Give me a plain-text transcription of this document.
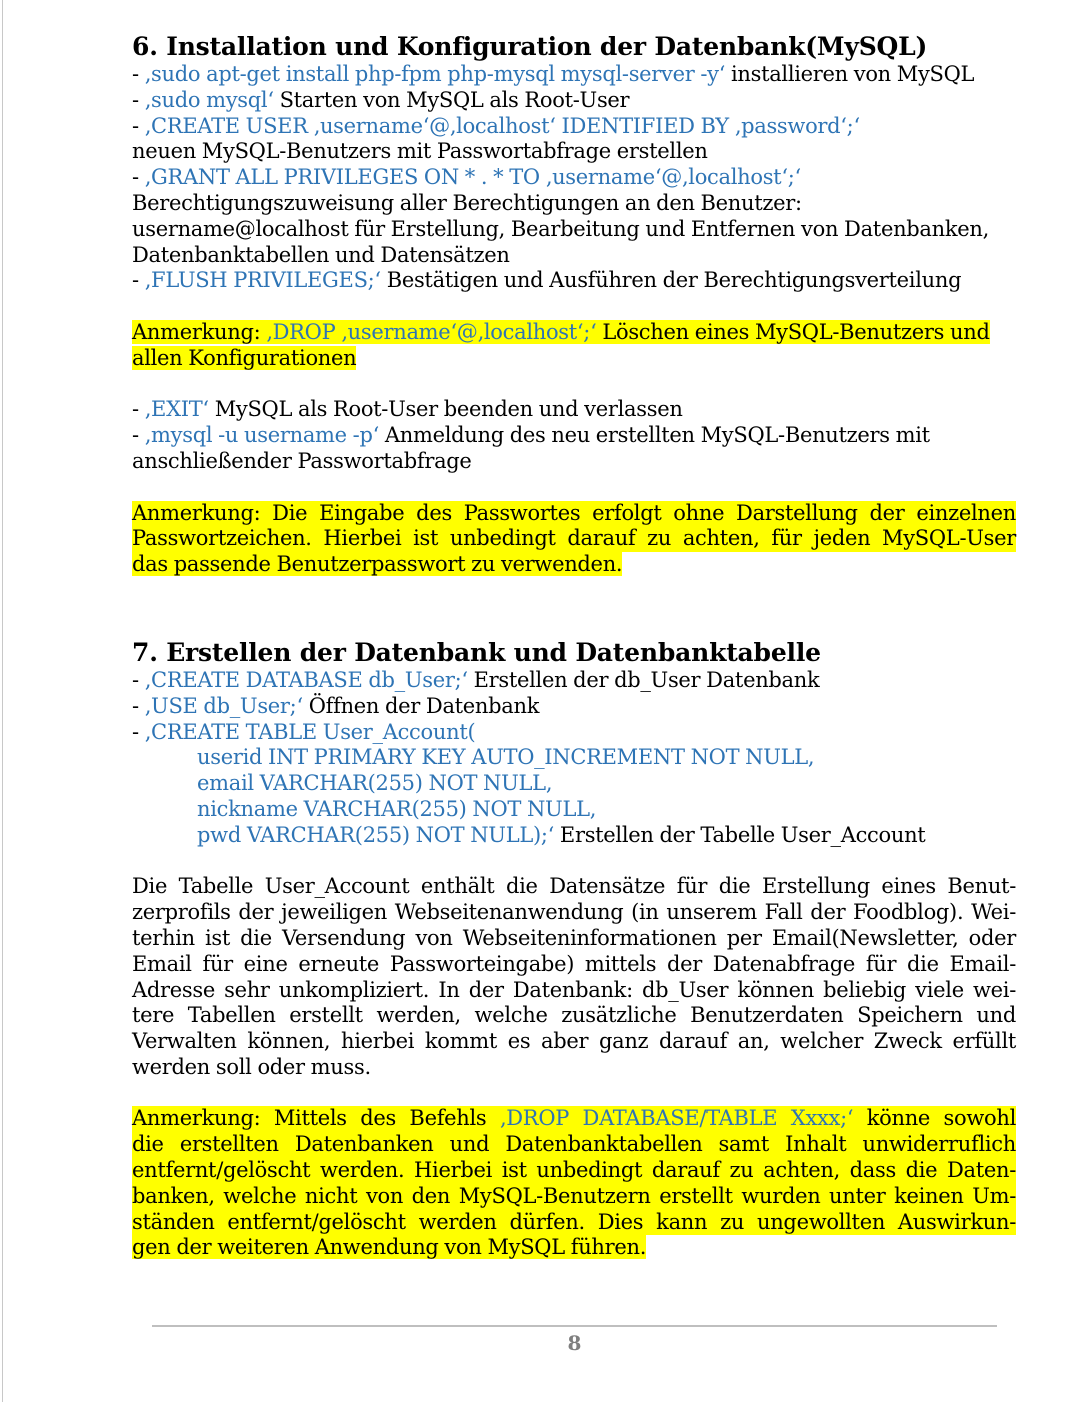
6. Installation und Konfiguration der Datenbank(MySQL)
- ‚sudo apt-get install php-fpm php-mysql mysql-server -y‘ installieren von MySQL
- ‚sudo mysql‘ Starten von MySQL als Root-User
- ‚CREATE USER ‚username‘@‚localhost‘ IDENTIFIED BY ‚password‘;‘
neuen MySQL-Benutzers mit Passwortabfrage erstellen
- ‚GRANT ALL PRIVILEGES ON * . * TO ‚username‘@‚localhost‘;‘
Berechtigungszuweisung aller Berechtigungen an den Benutzer:
username@localhost für Erstellung, Bearbeitung und Entfernen von Datenbanken,
Datenbanktabellen und Datensätzen
- ‚FLUSH PRIVILEGES;‘ Bestätigen und Ausführen der Berechtigungsverteilung
Anmerkung: ‚DROP ‚username‘@‚localhost‘;‘ Löschen eines MySQL-Benutzers und
allen Konfigurationen
- ‚EXIT‘ MySQL als Root-User beenden und verlassen
- ‚mysql -u username -p‘ Anmeldung des neu erstellten MySQL-Benutzers mit
anschließender Passwortabfrage
Anmerkung: Die Eingabe des Passwortes erfolgt ohne Darstellung der einzelnen
Passwortzeichen. Hierbei ist unbedingt darauf zu achten, für jeden MySQL-User
das passende Benutzerpasswort zu verwenden.
7. Erstellen der Datenbank und Datenbanktabelle
- ‚CREATE DATABASE db_User;‘ Erstellen der db_User Datenbank
- ‚USE db_User;‘ Öffnen der Datenbank
- ‚CREATE TABLE User_Account(
userid INT PRIMARY KEY AUTO_INCREMENT NOT NULL,
email VARCHAR(255) NOT NULL,
nickname VARCHAR(255) NOT NULL,
pwd VARCHAR(255) NOT NULL);‘ Erstellen der Tabelle User_Account
Die Tabelle User_Account enthält die Datensätze für die Erstellung eines Benut-
zerprofils der jeweiligen Webseitenanwendung (in unserem Fall der Foodblog). Wei-
terhin ist die Versendung von Webseiteninformationen per Email(Newsletter, oder
Email für eine erneute Passworteingabe) mittels der Datenabfrage für die Email-
Adresse sehr unkompliziert. In der Datenbank: db_User können beliebig viele wei-
tere Tabellen erstellt werden, welche zusätzliche Benutzerdaten Speichern und
Verwalten können, hierbei kommt es aber ganz darauf an, welcher Zweck erfüllt
werden soll oder muss.
Anmerkung: Mittels des Befehls ‚DROP DATABASE/TABLE Xxxx;‘ könne sowohl
die erstellten Datenbanken und Datenbanktabellen samt Inhalt unwiderruflich
entfernt/gelöscht werden. Hierbei ist unbedingt darauf zu achten, dass die Daten-
banken, welche nicht von den MySQL-Benutzern erstellt wurden unter keinen Um-
ständen entfernt/gelöscht werden dürfen. Dies kann zu ungewollten Auswirkun-
gen der weiteren Anwendung von MySQL führen.
8
